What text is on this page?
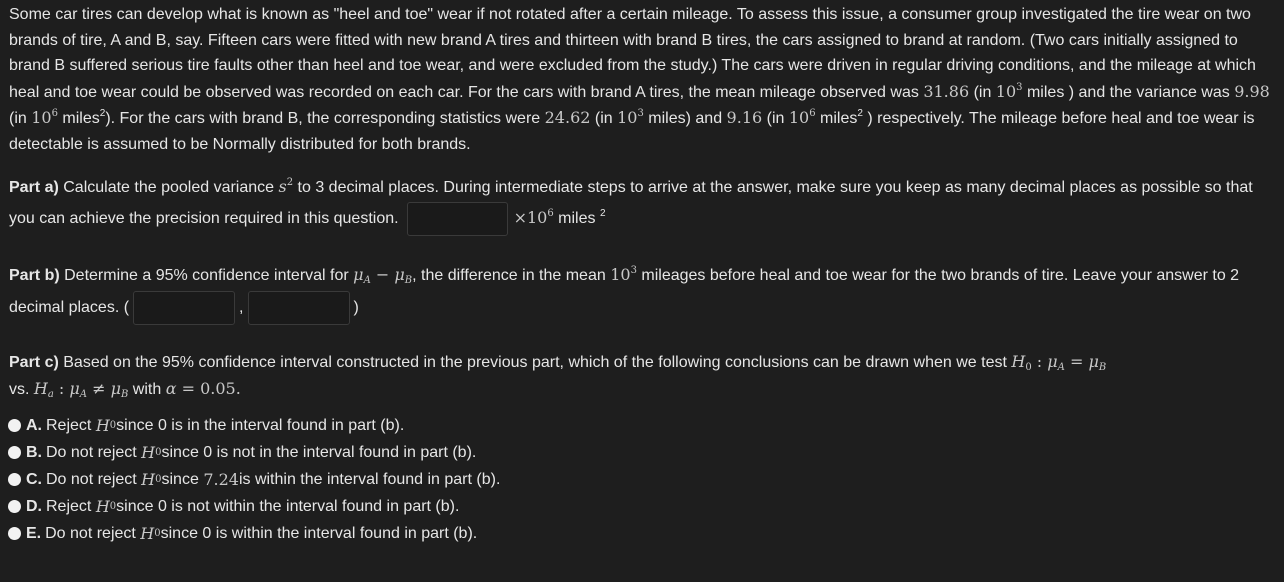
Some car tires can develop what is known as "heel and toe" wear if not rotated after a certain mileage. To assess this issue, a consumer group investigated the tire wear on two brands of tire, A and B, say. Fifteen cars were fitted with new brand A tires and thirteen with brand B tires, the cars assigned to brand at random. (Two cars initially assigned to brand B suffered serious tire faults other than heel and toe wear, and were excluded from the study.) The cars were driven in regular driving conditions, and the mileage at which heal and toe wear could be observed was recorded on each car. For the cars with brand A tires, the mean mileage observed was 31.86 (in $10^3$ miles ) and the variance was 9.98 (in $10^6$ miles$^2$). For the cars with brand B, the corresponding statistics were 24.62 (in $10^3$ miles) and 9.16 (in $10^6$ miles$^2$ ) respectively. The mileage before heal and toe wear is detectable is assumed to be Normally distributed for both brands.

Part a) Calculate the pooled variance $s^2$ to 3 decimal places. During intermediate steps to arrive at the answer, make sure you keep as many decimal places as possible so that you can achieve the precision required in this question.	$\times 10^6$ miles $^2$

Part b) Determine a 95% confidence interval for $\mu_A - \mu_B$, the difference in the mean $10^3$ mileages before heal and toe wear for the two brands of tire. Leave your answer to 2 decimal places. (	,	)

Part c) Based on the 95% confidence interval constructed in the previous part, which of the following conclusions can be drawn when we test $H_0$ : $\mu_A = \mu_B$
vs. $H_a$ : $\mu_A \ne \mu_B$ with α = 0.05.

A. Reject
H 0 since 0 is in the interval found in part (b).
B. Do not reject
H 0 since 0 is not in the interval found in part (b).
C. Do not reject
H 0 since
7.24 is within the interval found in part (b).
D. Reject
H 0 since 0 is not within the interval found in part (b).
E. Do not reject
H 0 since 0 is within the interval found in part (b).
